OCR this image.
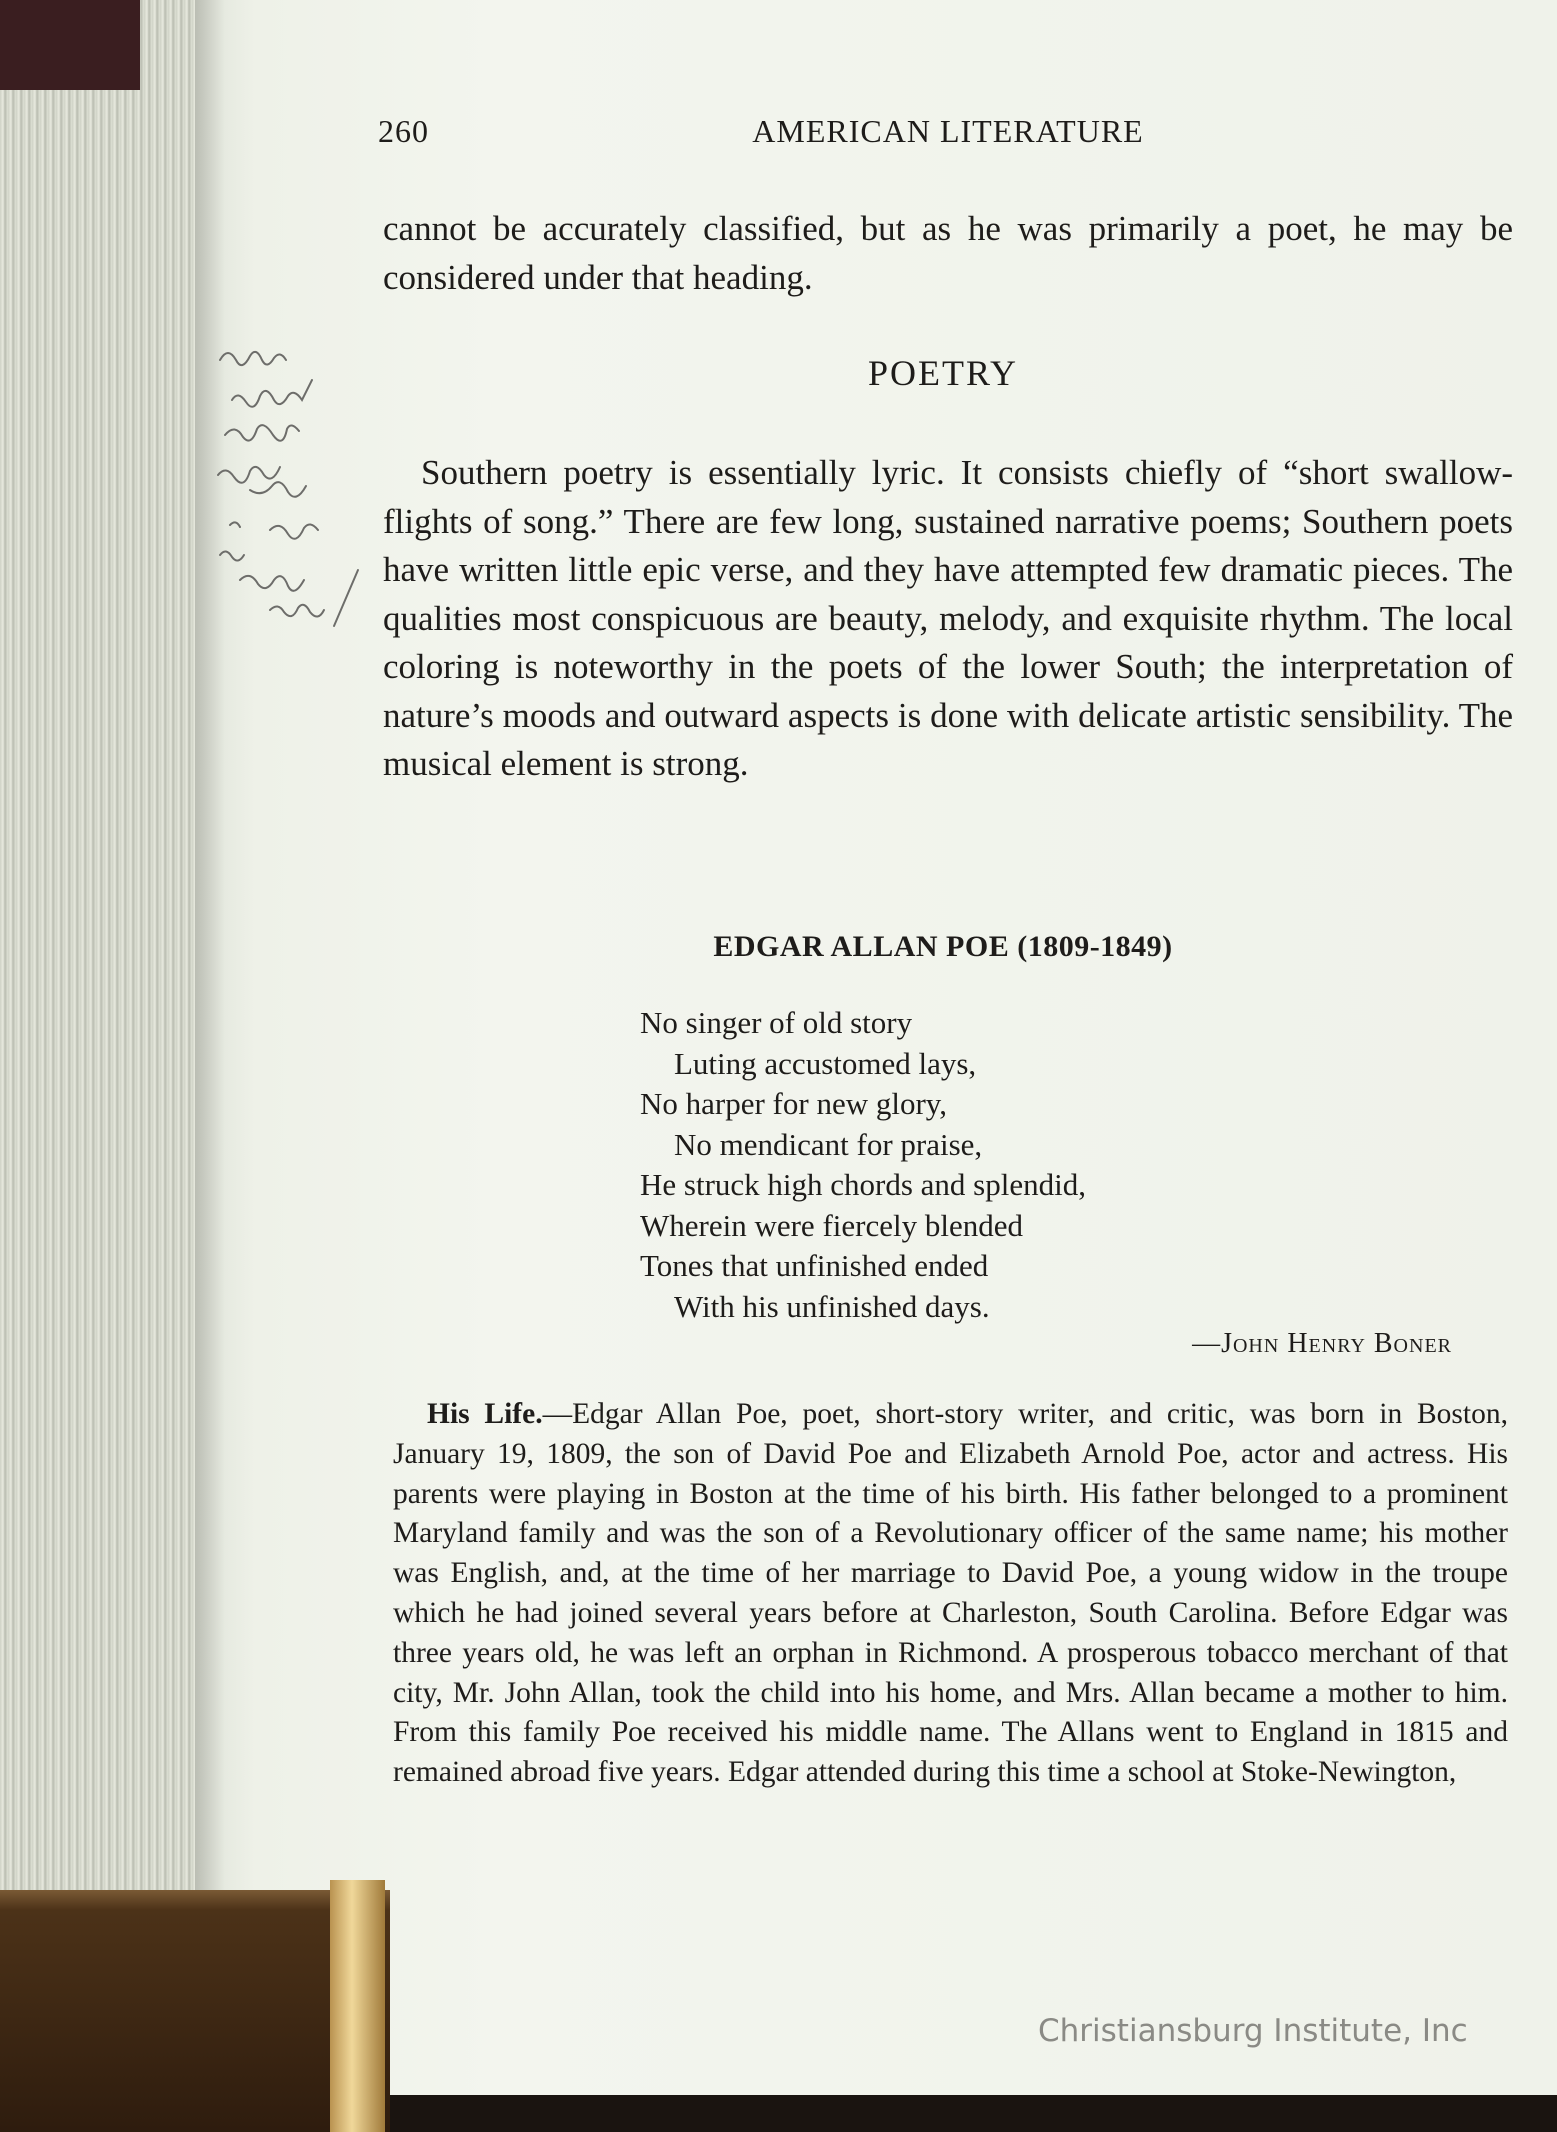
260	AMERICAN LITERATURE
cannot be accurately classified, but as he was primarily a poet, he may be considered under that heading.
POETRY
Southern poetry is essentially lyric. It consists chiefly of “short swallow-flights of song.” There are few long, sustained narrative poems; Southern poets have written little epic verse, and they have attempted few dramatic pieces. The qualities most conspicuous are beauty, melody, and exquisite rhythm. The local coloring is noteworthy in the poets of the lower South; the interpretation of nature’s moods and outward aspects is done with delicate artistic sensibility. The musical element is strong.
EDGAR ALLAN POE (1809-1849)
No singer of old story
Luting accustomed lays,
No harper for new glory,
No mendicant for praise,
He struck high chords and splendid,
Wherein were fiercely blended
Tones that unfinished ended
With his unfinished days.
—John Henry Boner
His Life.—Edgar Allan Poe, poet, short-story writer, and critic, was born in Boston, January 19, 1809, the son of David Poe and Elizabeth Arnold Poe, actor and actress. His parents were playing in Boston at the time of his birth. His father belonged to a prominent Maryland family and was the son of a Revolutionary officer of the same name; his mother was English, and, at the time of her marriage to David Poe, a young widow in the troupe which he had joined several years before at Charleston, South Carolina. Before Edgar was three years old, he was left an orphan in Richmond. A prosperous tobacco merchant of that city, Mr. John Allan, took the child into his home, and Mrs. Allan became a mother to him. From this family Poe received his middle name. The Allans went to England in 1815 and remained abroad five years. Edgar attended during this time a school at Stoke-Newington,
Christiansburg Institute, Inc
